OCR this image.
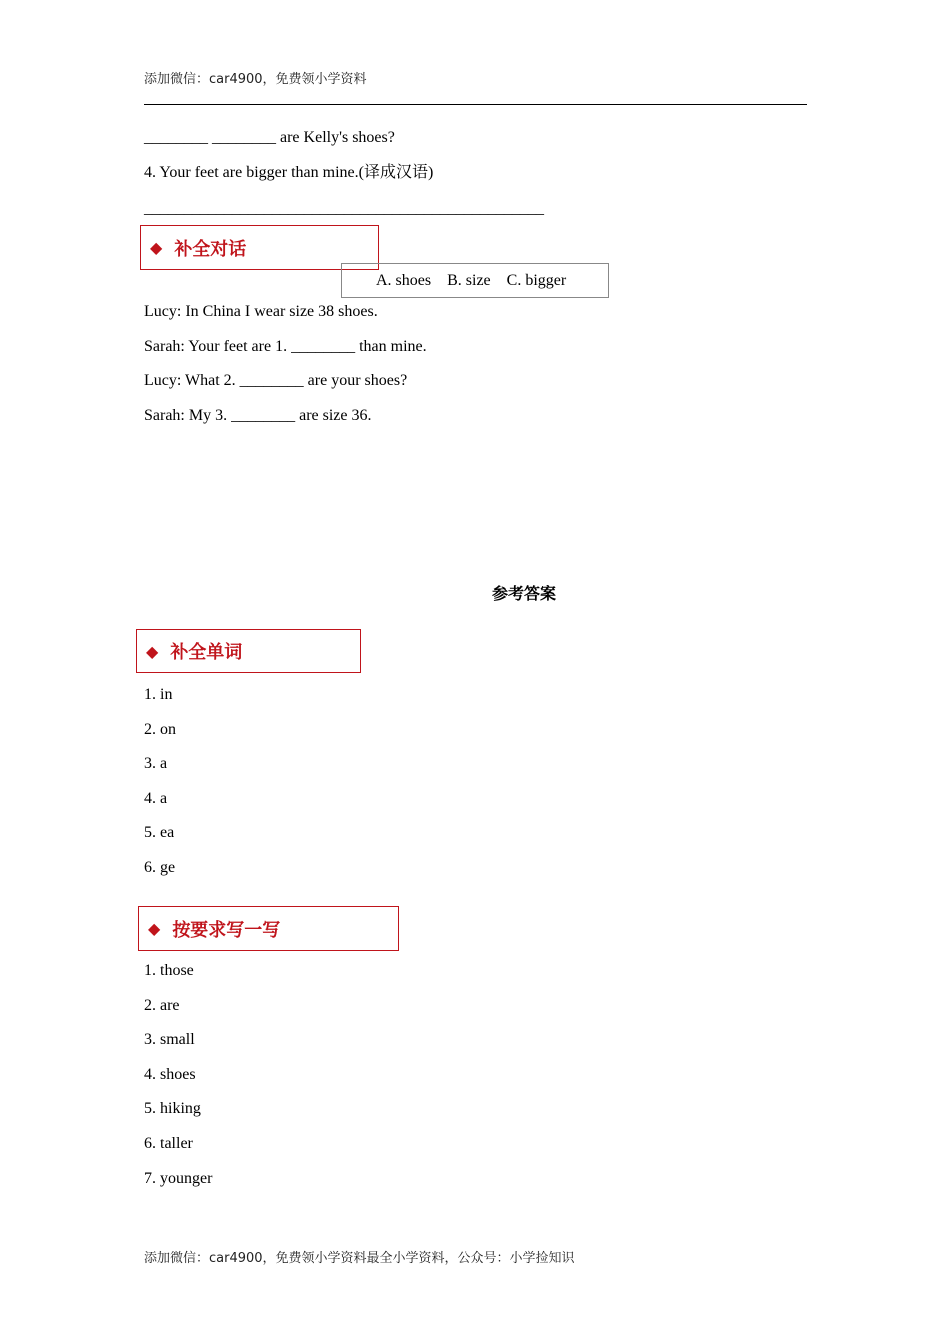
添加微信：car4900，免费领小学资料
________ ________ are Kelly's shoes?
4. Your feet are bigger than mine.(译成汉语)
__________________________________________________
◆ 补全对话
A. shoes    B. size    C. bigger
Lucy: In China I wear size 38 shoes.
Sarah: Your feet are 1. ________ than mine.
Lucy: What 2. ________ are your shoes?
Sarah: My 3. ________ are size 36.
参考答案
◆ 补全单词
1. in
2. on
3. a
4. a
5. ea
6. ge
◆ 按要求写一写
1. those
2. are
3. small
4. shoes
5. hiking
6. taller
7. younger
添加微信：car4900，免费领小学资料最全小学资料，公众号：小学捡知识
